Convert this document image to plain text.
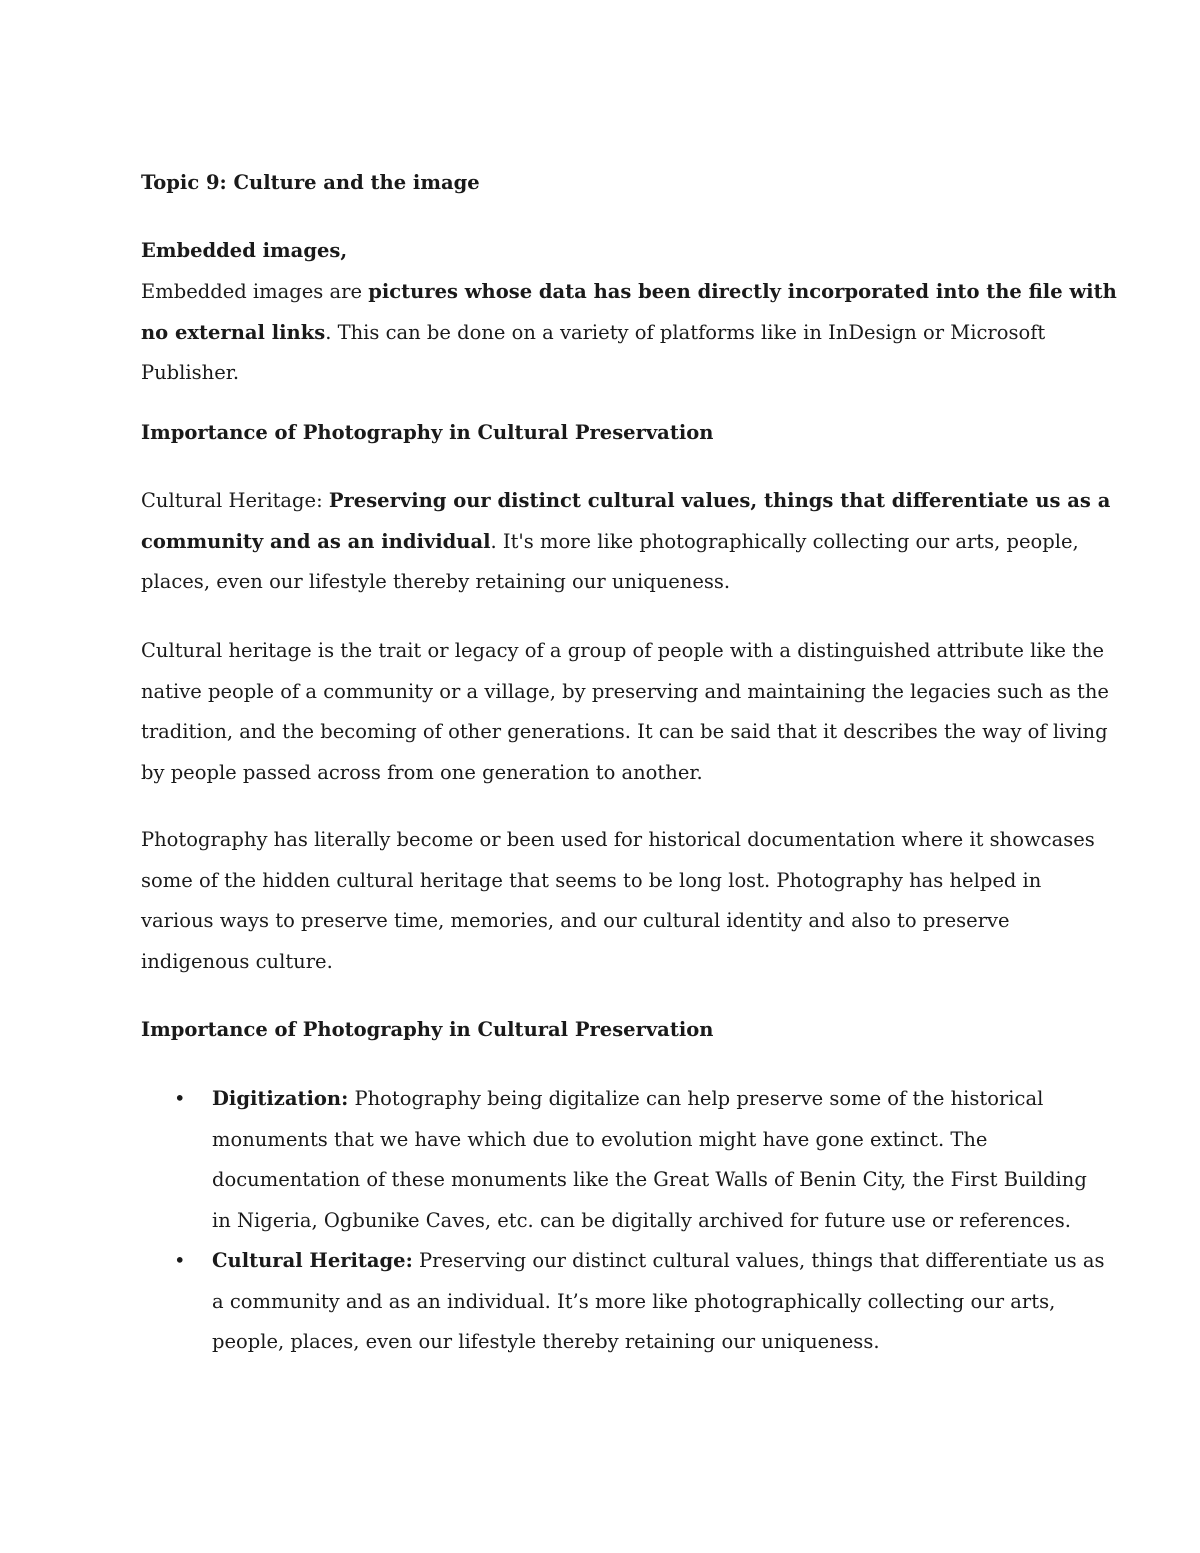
Topic 9: Culture and the image

Embedded images,

Embedded images are pictures whose data has been directly incorporated into the file with

no external links. This can be done on a variety of platforms like in InDesign or Microsoft

Publisher.

Importance of Photography in Cultural Preservation

Cultural Heritage: Preserving our distinct cultural values, things that differentiate us as a

community and as an individual. It's more like photographically collecting our arts, people,

places, even our lifestyle thereby retaining our uniqueness.

Cultural heritage is the trait or legacy of a group of people with a distinguished attribute like the

native people of a community or a village, by preserving and maintaining the legacies such as the

tradition, and the becoming of other generations. It can be said that it describes the way of living

by people passed across from one generation to another.

Photography has literally become or been used for historical documentation where it showcases

some of the hidden cultural heritage that seems to be long lost. Photography has helped in

various ways to preserve time, memories, and our cultural identity and also to preserve

indigenous culture.

Importance of Photography in Cultural Preservation

• Digitization: Photography being digitalize can help preserve some of the historical

monuments that we have which due to evolution might have gone extinct. The

documentation of these monuments like the Great Walls of Benin City, the First Building

in Nigeria, Ogbunike Caves, etc. can be digitally archived for future use or references.

• Cultural Heritage: Preserving our distinct cultural values, things that differentiate us as

a community and as an individual. It’s more like photographically collecting our arts,

people, places, even our lifestyle thereby retaining our uniqueness.
